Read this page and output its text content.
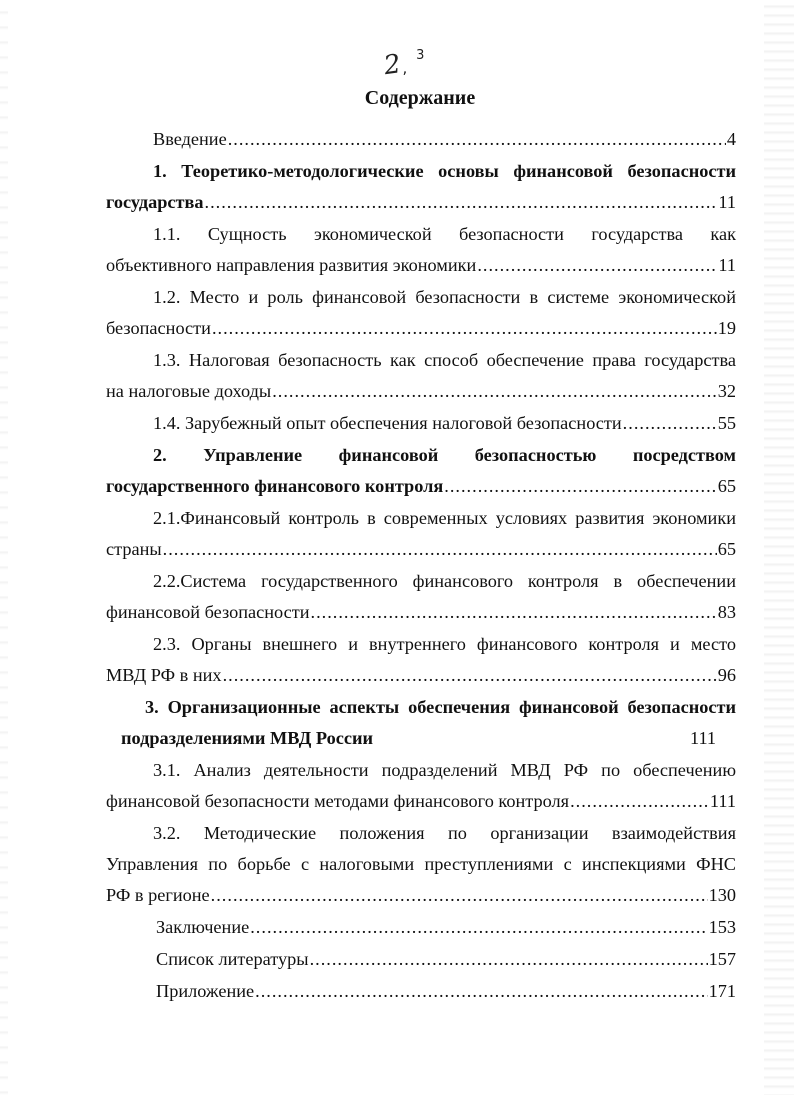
2, 3
Содержание
Введение .....	4
1. Теоретико-методологические основы финансовой безопасности
государства .....	11
1.1. Сущность экономической безопасности государства как
объективного направления развития экономики .....	11
1.2. Место и роль финансовой безопасности в системе экономической
безопасности .....	19
1.3. Налоговая безопасность как способ обеспечение права государства
на налоговые доходы .....	32
1.4. Зарубежный опыт обеспечения налоговой безопасности .....	55
2. Управление финансовой безопасностью посредством
государственного финансового контроля .....	65
2.1.Финансовый контроль в современных условиях развития экономики
страны .....	65
2.2.Система государственного финансового контроля в обеспечении
финансовой безопасности .....	83
2.3. Органы внешнего и внутреннего финансового контроля и место
МВД РФ в них .....	96
3. Организационные аспекты обеспечения финансовой безопасности
подразделениями МВД России	111
3.1. Анализ деятельности подразделений МВД РФ по обеспечению
финансовой безопасности методами финансового контроля .....	111
3.2. Методические положения по организации взаимодействия
Управления по борьбе с налоговыми преступлениями с инспекциями ФНС
РФ в регионе .....	130
Заключение .....	153
Список литературы .....	157
Приложение .....	171
